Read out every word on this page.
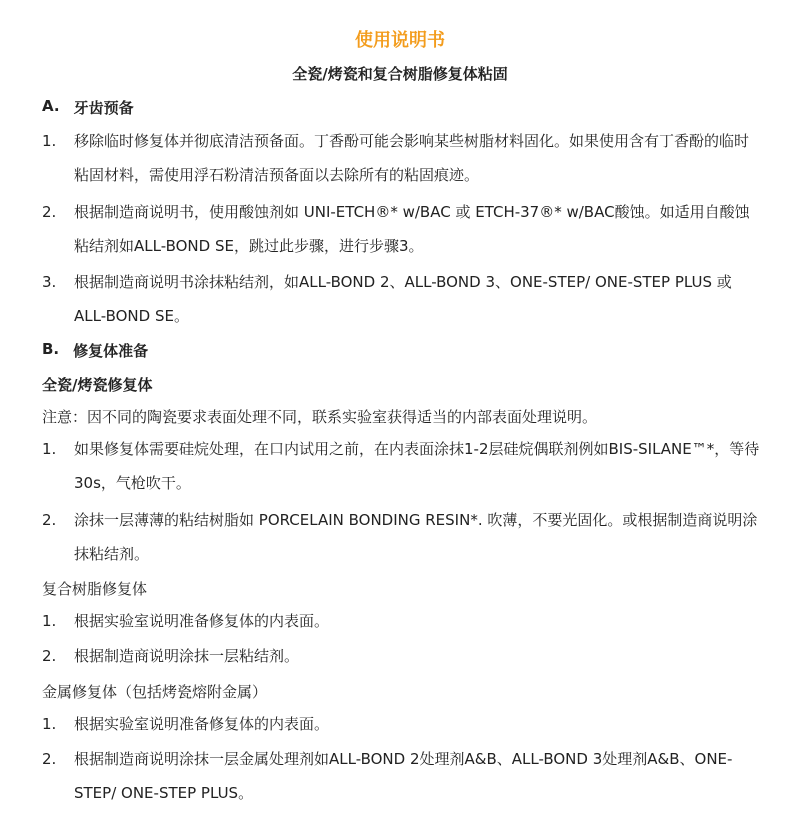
使用说明书
全瓷/烤瓷和复合树脂修复体粘固
A. 牙齿预备
1. 移除临时修复体并彻底清洁预备面。丁香酚可能会影响某些树脂材料固化。如果使用含有丁香酚的临时粘固材料，需使用浮石粉清洁预备面以去除所有的粘固痕迹。
2. 根据制造商说明书，使用酸蚀剂如 UNI-ETCH®* w/BAC 或 ETCH-37®* w/BAC酸蚀。如适用自酸蚀粘结剂如ALL-BOND SE，跳过此步骤，进行步骤3。
3. 根据制造商说明书涂抹粘结剂，如ALL-BOND 2、ALL-BOND 3、ONE-STEP/ ONE-STEP PLUS 或ALL-BOND SE。
B. 修复体准备
全瓷/烤瓷修复体
注意：因不同的陶瓷要求表面处理不同，联系实验室获得适当的内部表面处理说明。
1. 如果修复体需要硅烷处理，在口内试用之前，在内表面涂抹1-2层硅烷偶联剂例如BIS-SILANE™*，等待30s，气枪吹干。
2. 涂抹一层薄薄的粘结树脂如 PORCELAIN BONDING RESIN*. 吹薄，不要光固化。或根据制造商说明涂抹粘结剂。
复合树脂修复体
1. 根据实验室说明准备修复体的内表面。
2. 根据制造商说明涂抹一层粘结剂。
金属修复体（包括烤瓷熔附金属）
1. 根据实验室说明准备修复体的内表面。
2. 根据制造商说明涂抹一层金属处理剂如ALL-BOND 2处理剂A&B、ALL-BOND 3处理剂A&B、ONE-STEP/ ONE-STEP PLUS。
